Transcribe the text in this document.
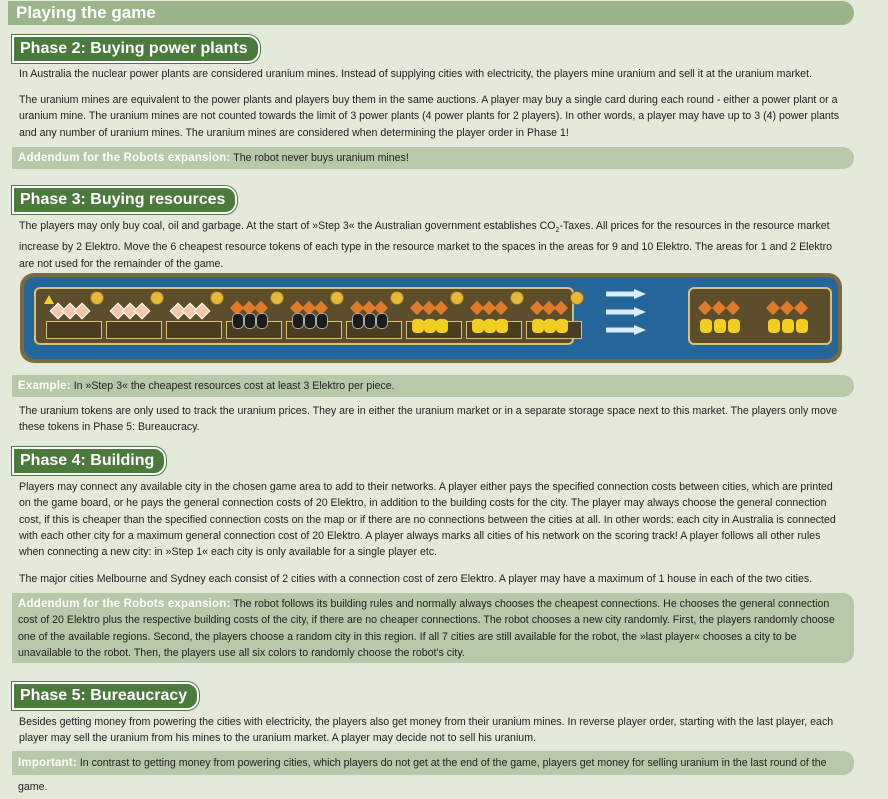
Playing the game
Phase 2: Buying power plants
In Australia the nuclear power plants are considered uranium mines. Instead of supplying cities with electricity, the players mine uranium and sell it at the uranium market.
The uranium mines are equivalent to the power plants and players buy them in the same auctions. A player may buy a single card during each round - either a power plant or a uranium mine. The uranium mines are not counted towards the limit of 3 power plants (4 power plants for 2 players). In other words, a player may have up to 3 (4) power plants and any number of uranium mines. The uranium mines are considered when determining the player order in Phase 1!
Addendum for the Robots expansion: The robot never buys uranium mines!
Phase 3: Buying resources
The players may only buy coal, oil and garbage. At the start of »Step 3« the Australian government establishes $CO_2$-Taxes. All prices for the resources in the resource market increase by 2 Elektro. Move the 6 cheapest resource tokens of each type in the resource market to the spaces in the areas for 9 and 10 Elektro. The areas for 1 and 2 Elektro are not used for the remainder of the game.
Example: In »Step 3« the cheapest resources cost at least 3 Elektro per piece.
The uranium tokens are only used to track the uranium prices. They are in either the uranium market or in a separate storage space next to this market. The players only move these tokens in Phase 5: Bureaucracy.
Phase 4: Building
Players may connect any available city in the chosen game area to add to their networks. A player either pays the specified connection costs between cities, which are printed on the game board, or he pays the general connection costs of 20 Elektro, in addition to the building costs for the city. The player may always choose the general connection cost, if this is cheaper than the specified connection costs on the map or if there are no connections between the cities at all. In other words: each city in Australia is connected with each other city for a maximum general connection cost of 20 Elektro. A player always marks all cities of his network on the scoring track! A player follows all other rules when connecting a new city: in »Step 1« each city is only available for a single player etc.
The major cities Melbourne and Sydney each consist of 2 cities with a connection cost of zero Elektro. A player may have a maximum of 1 house in each of the two cities.
Addendum for the Robots expansion: The robot follows its building rules and normally always chooses the cheapest connections. He chooses the general connection cost of 20 Elektro plus the respective building costs of the city, if there are no cheaper connections. The robot chooses a new city randomly. First, the players randomly choose one of the available regions. Second, the players choose a random city in this region. If all 7 cities are still available for the robot, the »last player« chooses a city to be unavailable to the robot. Then, the players use all six colors to randomly choose the robot's city.
Phase 5: Bureaucracy
Besides getting money from powering the cities with electricity, the players also get money from their uranium mines. In reverse player order, starting with the last player, each player may sell the uranium from his mines to the uranium market. A player may decide not to sell his uranium.
Important: In contrast to getting money from powering cities, which players do not get at the end of the game, players get money for selling uranium in the last round of the game.
